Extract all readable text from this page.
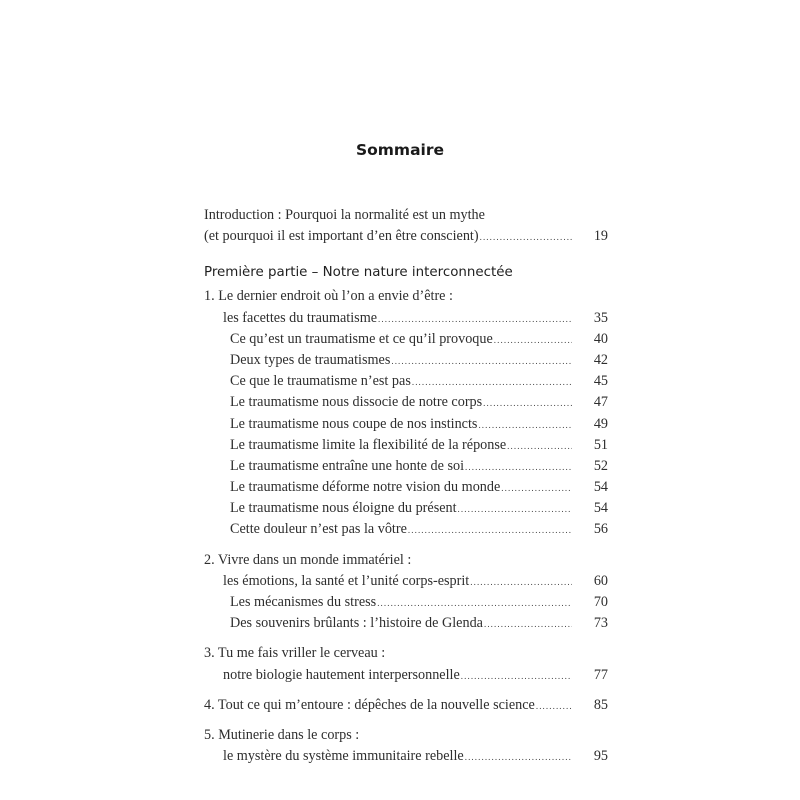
Sommaire
Introduction : Pourquoi la normalité est un mythe
(et pourquoi il est important d’en être conscient) .....	19
Première partie – Notre nature interconnectée
1. Le dernier endroit où l’on a envie d’être :
les facettes du traumatisme .....	35
Ce qu’est un traumatisme et ce qu’il provoque .....	40
Deux types de traumatismes .....	42
Ce que le traumatisme n’est pas .....	45
Le traumatisme nous dissocie de notre corps .....	47
Le traumatisme nous coupe de nos instincts .....	49
Le traumatisme limite la flexibilité de la réponse .....	51
Le traumatisme entraîne une honte de soi .....	52
Le traumatisme déforme notre vision du monde .....	54
Le traumatisme nous éloigne du présent .....	54
Cette douleur n’est pas la vôtre .....	56
2. Vivre dans un monde immatériel :
les émotions, la santé et l’unité corps-esprit .....	60
Les mécanismes du stress .....	70
Des souvenirs brûlants : l’histoire de Glenda .....	73
3. Tu me fais vriller le cerveau :
notre biologie hautement interpersonnelle .....	77
4. Tout ce qui m’entoure : dépêches de la nouvelle science .....	85
5. Mutinerie dans le corps :
le mystère du système immunitaire rebelle .....	95
